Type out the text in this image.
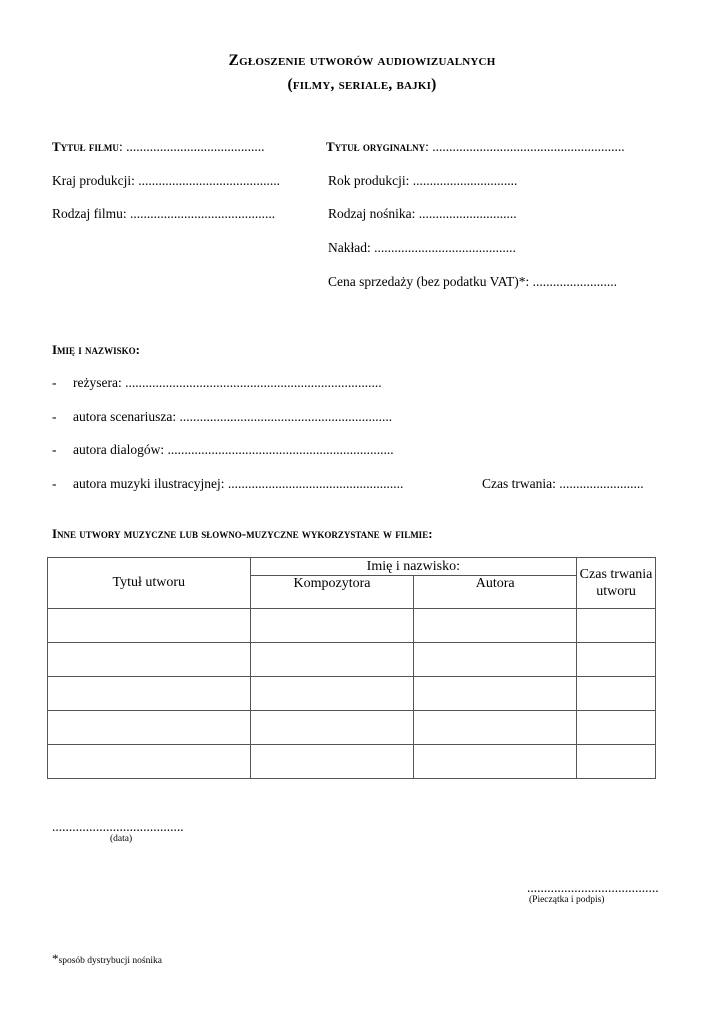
Zgłoszenie utworów audiowizualnych
(filmy, seriale, bajki)
Tytuł filmu: .........................................	Tytuł oryginalny: .........................................................
Kraj produkcji: ..........................................	Rok produkcji: ...............................
Rodzaj filmu: ...........................................	Rodzaj nośnika: .............................
Nakład: ..........................................
Cena sprzedaży (bez podatku VAT)*: .........................
Imię i nazwisko:
- reżysera: ............................................................................
- autora scenariusza: ...............................................................
- autora dialogów: ...................................................................
- autora muzyki ilustracyjnej: ....................................................	Czas trwania: .........................
Inne utwory muzyczne lub słowno-muzyczne wykorzystane w filmie:
Tytuł utworu	Imię i nazwisko:		Czas trwania utworu
	Kompozytora	Autora	

.......................................
(data)
.......................................
(Pieczątka i podpis)
*sposób dystrybucji nośnika
